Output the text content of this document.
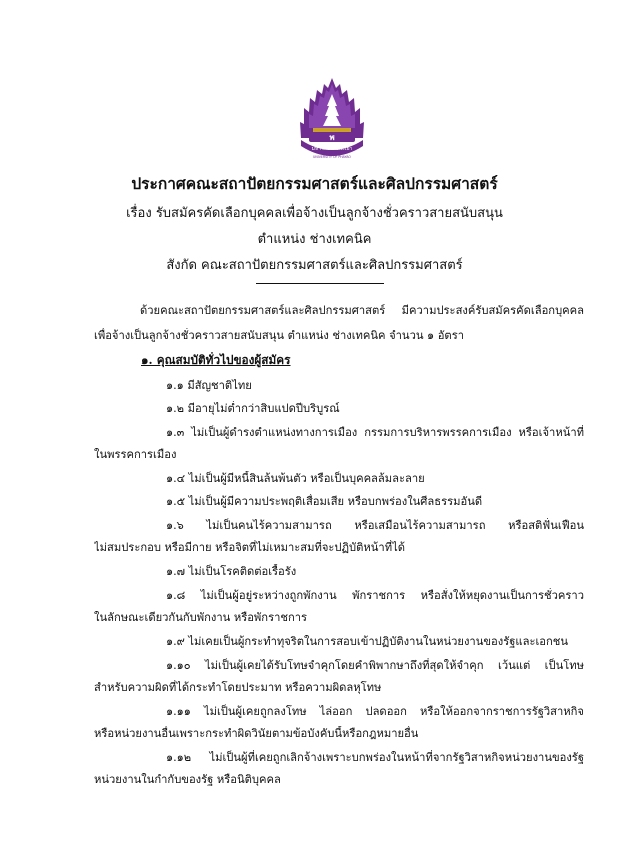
พ
มหาวิทยาลัยพะเยา
UNIVERSITY OF PHAYAO
ประกาศคณะสถาปัตยกรรมศาสตร์และศิลปกรรมศาสตร์
เรื่อง รับสมัครคัดเลือกบุคคลเพื่อจ้างเป็นลูกจ้างชั่วคราวสายสนับสนุน
ตำแหน่ง ช่างเทคนิค
สังกัด คณะสถาปัตยกรรมศาสตร์และศิลปกรรมศาสตร์
ด้วยคณะสถาปัตยกรรมศาสตร์และศิลปกรรมศาสตร์ มีความประสงค์รับสมัครคัดเลือกบุคคล
เพื่อจ้างเป็นลูกจ้างชั่วคราวสายสนับสนุน ตำแหน่ง ช่างเทคนิค จำนวน ๑ อัตรา
๑. คุณสมบัติทั่วไปของผู้สมัคร
๑.๑ มีสัญชาติไทย
๑.๒ มีอายุไม่ต่ำกว่าสิบแปดปีบริบูรณ์
๑.๓ ไม่เป็นผู้ดำรงตำแหน่งทางการเมือง กรรมการบริหารพรรคการเมือง หรือเจ้าหน้าที่
ในพรรคการเมือง
๑.๔ ไม่เป็นผู้มีหนี้สินล้นพ้นตัว หรือเป็นบุคคลล้มละลาย
๑.๕ ไม่เป็นผู้มีความประพฤติเสื่อมเสีย หรือบกพร่องในศีลธรรมอันดี
๑.๖ ไม่เป็นคนไร้ความสามารถ หรือเสมือนไร้ความสามารถ หรือสติฟั่นเฟือน
ไม่สมประกอบ หรือมีกาย หรือจิตที่ไม่เหมาะสมที่จะปฏิบัติหน้าที่ได้
๑.๗ ไม่เป็นโรคติดต่อเรื้อรัง
๑.๘ ไม่เป็นผู้อยู่ระหว่างถูกพักงาน พักราชการ หรือสั่งให้หยุดงานเป็นการชั่วคราว
ในลักษณะเดียวกันกับพักงาน หรือพักราชการ
๑.๙ ไม่เคยเป็นผู้กระทำทุจริตในการสอบเข้าปฏิบัติงานในหน่วยงานของรัฐและเอกชน
๑.๑๐ ไม่เป็นผู้เคยได้รับโทษจำคุกโดยคำพิพากษาถึงที่สุดให้จำคุก เว้นแต่ เป็นโทษ
สำหรับความผิดที่ได้กระทำโดยประมาท หรือความผิดลหุโทษ
๑.๑๑ ไม่เป็นผู้เคยถูกลงโทษ ไล่ออก ปลดออก หรือให้ออกจากราชการรัฐวิสาหกิจ
หรือหน่วยงานอื่นเพราะกระทำผิดวินัยตามข้อบังคับนี้หรือกฎหมายอื่น
๑.๑๒ ไม่เป็นผู้ที่เคยถูกเลิกจ้างเพราะบกพร่องในหน้าที่จากรัฐวิสาหกิจหน่วยงานของรัฐ
หน่วยงานในกำกับของรัฐ หรือนิติบุคคล
